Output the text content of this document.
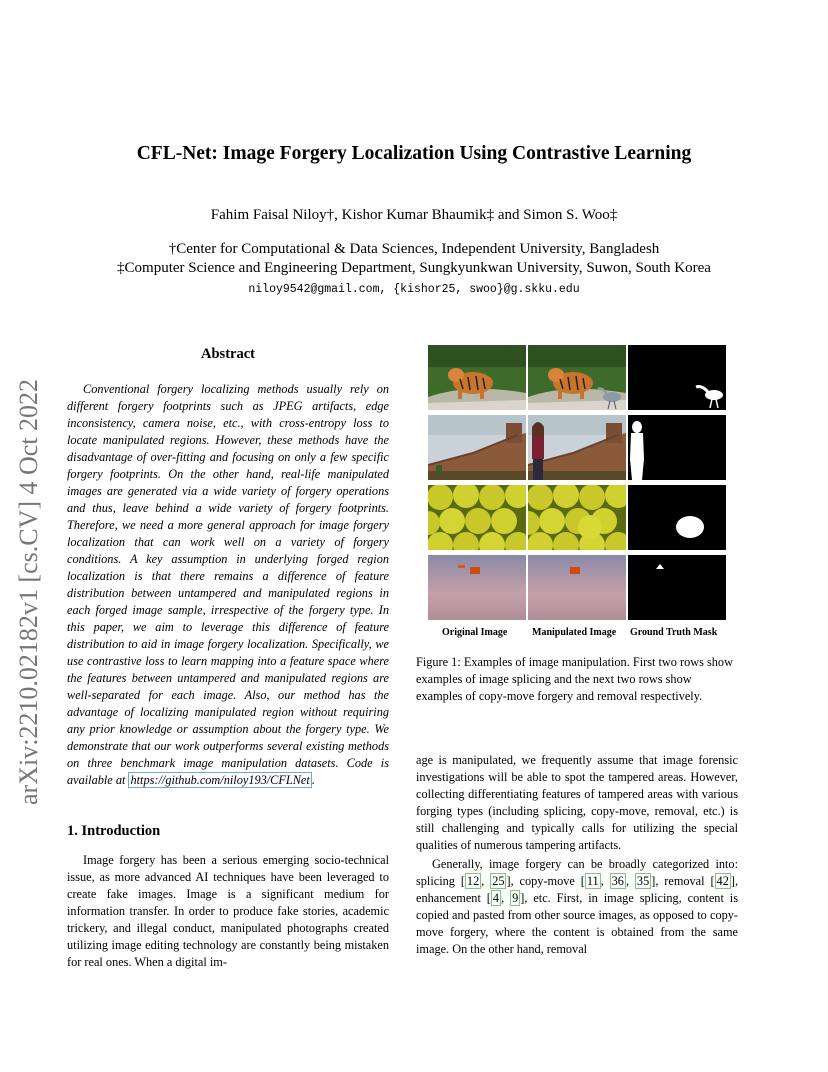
arXiv:2210.02182v1 [cs.CV] 4 Oct 2022
CFL-Net: Image Forgery Localization Using Contrastive Learning
Fahim Faisal Niloy†, Kishor Kumar Bhaumik‡ and Simon S. Woo‡
†Center for Computational & Data Sciences, Independent University, Bangladesh
‡Computer Science and Engineering Department, Sungkyunkwan University, Suwon, South Korea
niloy9542@gmail.com, {kishor25, swoo}@g.skku.edu
Abstract
Conventional forgery localizing methods usually rely on different forgery footprints such as JPEG artifacts, edge inconsistency, camera noise, etc., with cross-entropy loss to locate manipulated regions. However, these methods have the disadvantage of over-fitting and focusing on only a few specific forgery footprints. On the other hand, real-life manipulated images are generated via a wide variety of forgery operations and thus, leave behind a wide variety of forgery footprints. Therefore, we need a more general approach for image forgery localization that can work well on a variety of forgery conditions. A key assumption in underlying forged region localization is that there remains a difference of feature distribution between untampered and manipulated regions in each forged image sample, irrespective of the forgery type. In this paper, we aim to leverage this difference of feature distribution to aid in image forgery localization. Specifically, we use contrastive loss to learn mapping into a feature space where the features between untampered and manipulated regions are well-separated for each image. Also, our method has the advantage of localizing manipulated region without requiring any prior knowledge or assumption about the forgery type. We demonstrate that our work outperforms several existing methods on three benchmark image manipulation datasets. Code is available at https://github.com/niloy193/CFLNet .
1. Introduction
Image forgery has been a serious emerging socio-technical issue, as more advanced AI techniques have been leveraged to create fake images. Image is a significant medium for information transfer. In order to produce fake stories, academic trickery, and illegal conduct, manipulated photographs created utilizing image editing technology are constantly being mistaken for real ones. When a digital im-
Original Image Manipulated Image Ground Truth Mask
Figure 1: Examples of image manipulation. First two rows show examples of image splicing and the next two rows show examples of copy-move forgery and removal respectively.
age is manipulated, we frequently assume that image forensic investigations will be able to spot the tampered areas. However, collecting differentiating features of tampered areas with various forging types (including splicing, copy-move, removal, etc.) is still challenging and typically calls for utilizing the special qualities of numerous tampering artifacts.
Generally, image forgery can be broadly categorized into: splicing [ 12 , 25 ], copy-move [ 11 , 36 , 35 ], removal [ 42 ], enhancement [ 4 , 9 ], etc. First, in image splicing, content is copied and pasted from other source images, as opposed to copy-move forgery, where the content is obtained from the same image. On the other hand, removal
